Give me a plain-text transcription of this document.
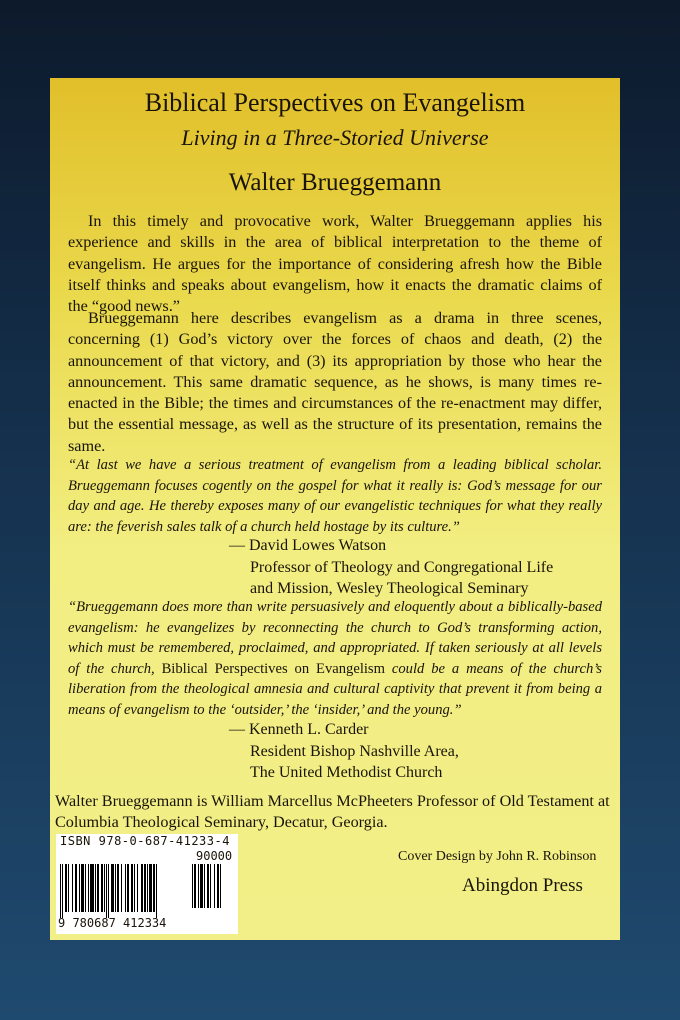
Biblical Perspectives on Evangelism
Living in a Three-Storied Universe
Walter Brueggemann

In this timely and provocative work, Walter Brueggemann applies his experience and skills in the area of biblical interpretation to the theme of evangelism. He argues for the importance of considering afresh how the Bible itself thinks and speaks about evangelism, how it enacts the dramatic claims of the “good news.”

Brueggemann here describes evangelism as a drama in three scenes, concerning (1) God’s victory over the forces of chaos and death, (2) the announcement of that victory, and (3) its appropriation by those who hear the announcement. This same dramatic sequence, as he shows, is many times re-enacted in the Bible; the times and circumstances of the re-enactment may differ, but the essential message, as well as the structure of its presentation, remains the same.

“At last we have a serious treatment of evangelism from a leading biblical scholar. Brueggemann focuses cogently on the gospel for what it really is: God’s message for our day and age. He thereby exposes many of our evangelistic techniques for what they really are: the feverish sales talk of a church held hostage by its culture.”

— David Lowes Watson
Professor of Theology and Congregational Life
and Mission, Wesley Theological Seminary

“Brueggemann does more than write persuasively and eloquently about a biblically-based evangelism: he evangelizes by reconnecting the church to God’s transforming action, which must be remembered, proclaimed, and appropriated. If taken seriously at all levels of the church, Biblical Perspectives on Evangelism could be a means of the church’s liberation from the theological amnesia and cultural captivity that prevent it from being a means of evangelism to the ‘outsider,’ the ‘insider,’ and the young.”

— Kenneth L. Carder
Resident Bishop Nashville Area,
The United Methodist Church

Walter Brueggemann is William Marcellus McPheeters Professor of Old Testament at Columbia Theological Seminary, Decatur, Georgia.

ISBN 978-0-687-41233-4

90000

9 780687 412334

Cover Design by John R. Robinson

Abingdon Press
